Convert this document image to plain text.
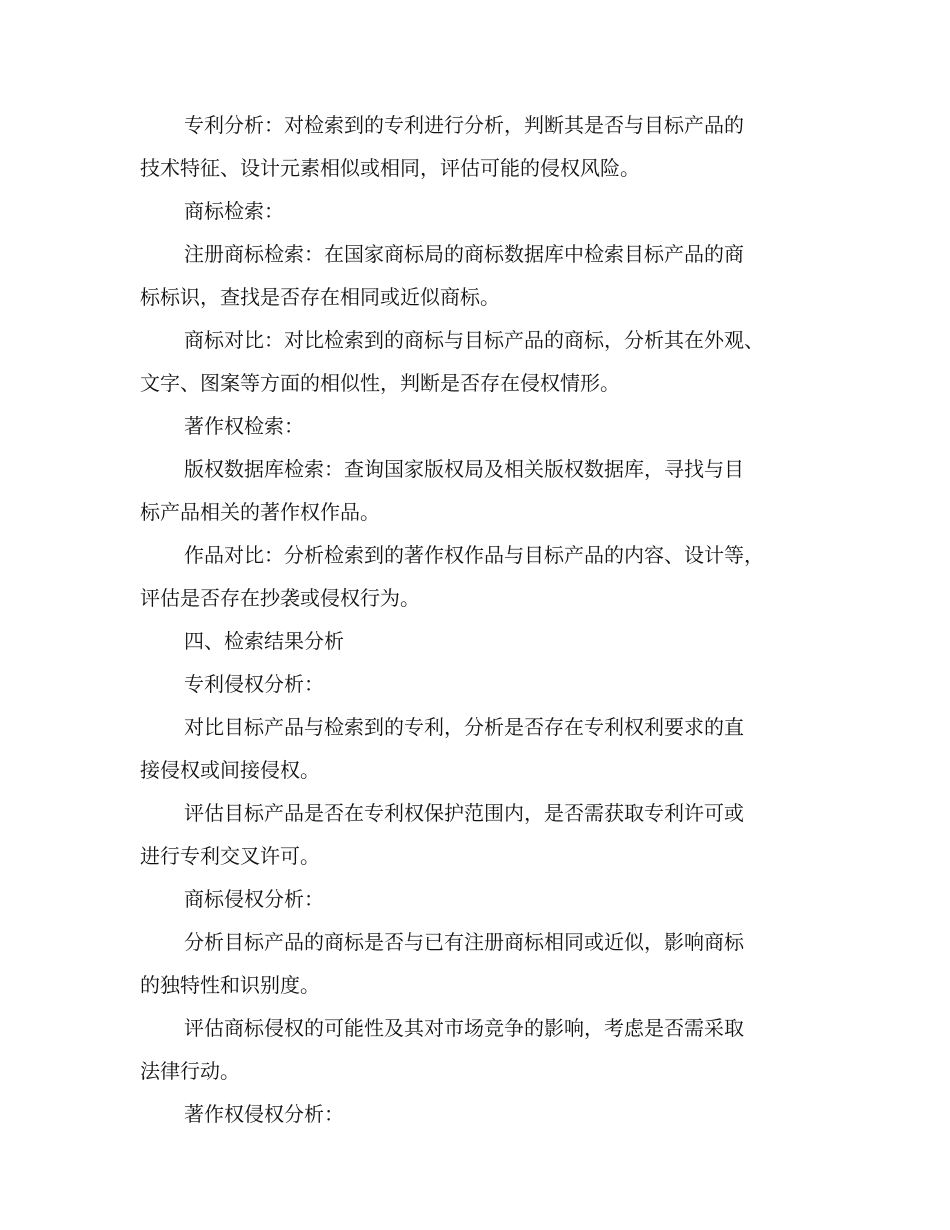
专利分析：对检索到的专利进行分析，判断其是否与目标产品的
技术特征、设计元素相似或相同，评估可能的侵权风险。
商标检索：
注册商标检索：在国家商标局的商标数据库中检索目标产品的商
标标识，查找是否存在相同或近似商标。
商标对比：对比检索到的商标与目标产品的商标，分析其在外观、
文字、图案等方面的相似性，判断是否存在侵权情形。
著作权检索：
版权数据库检索：查询国家版权局及相关版权数据库，寻找与目
标产品相关的著作权作品。
作品对比：分析检索到的著作权作品与目标产品的内容、设计等，
评估是否存在抄袭或侵权行为。
四、检索结果分析
专利侵权分析：
对比目标产品与检索到的专利，分析是否存在专利权利要求的直
接侵权或间接侵权。
评估目标产品是否在专利权保护范围内，是否需获取专利许可或
进行专利交叉许可。
商标侵权分析：
分析目标产品的商标是否与已有注册商标相同或近似，影响商标
的独特性和识别度。
评估商标侵权的可能性及其对市场竞争的影响，考虑是否需采取
法律行动。
著作权侵权分析：
